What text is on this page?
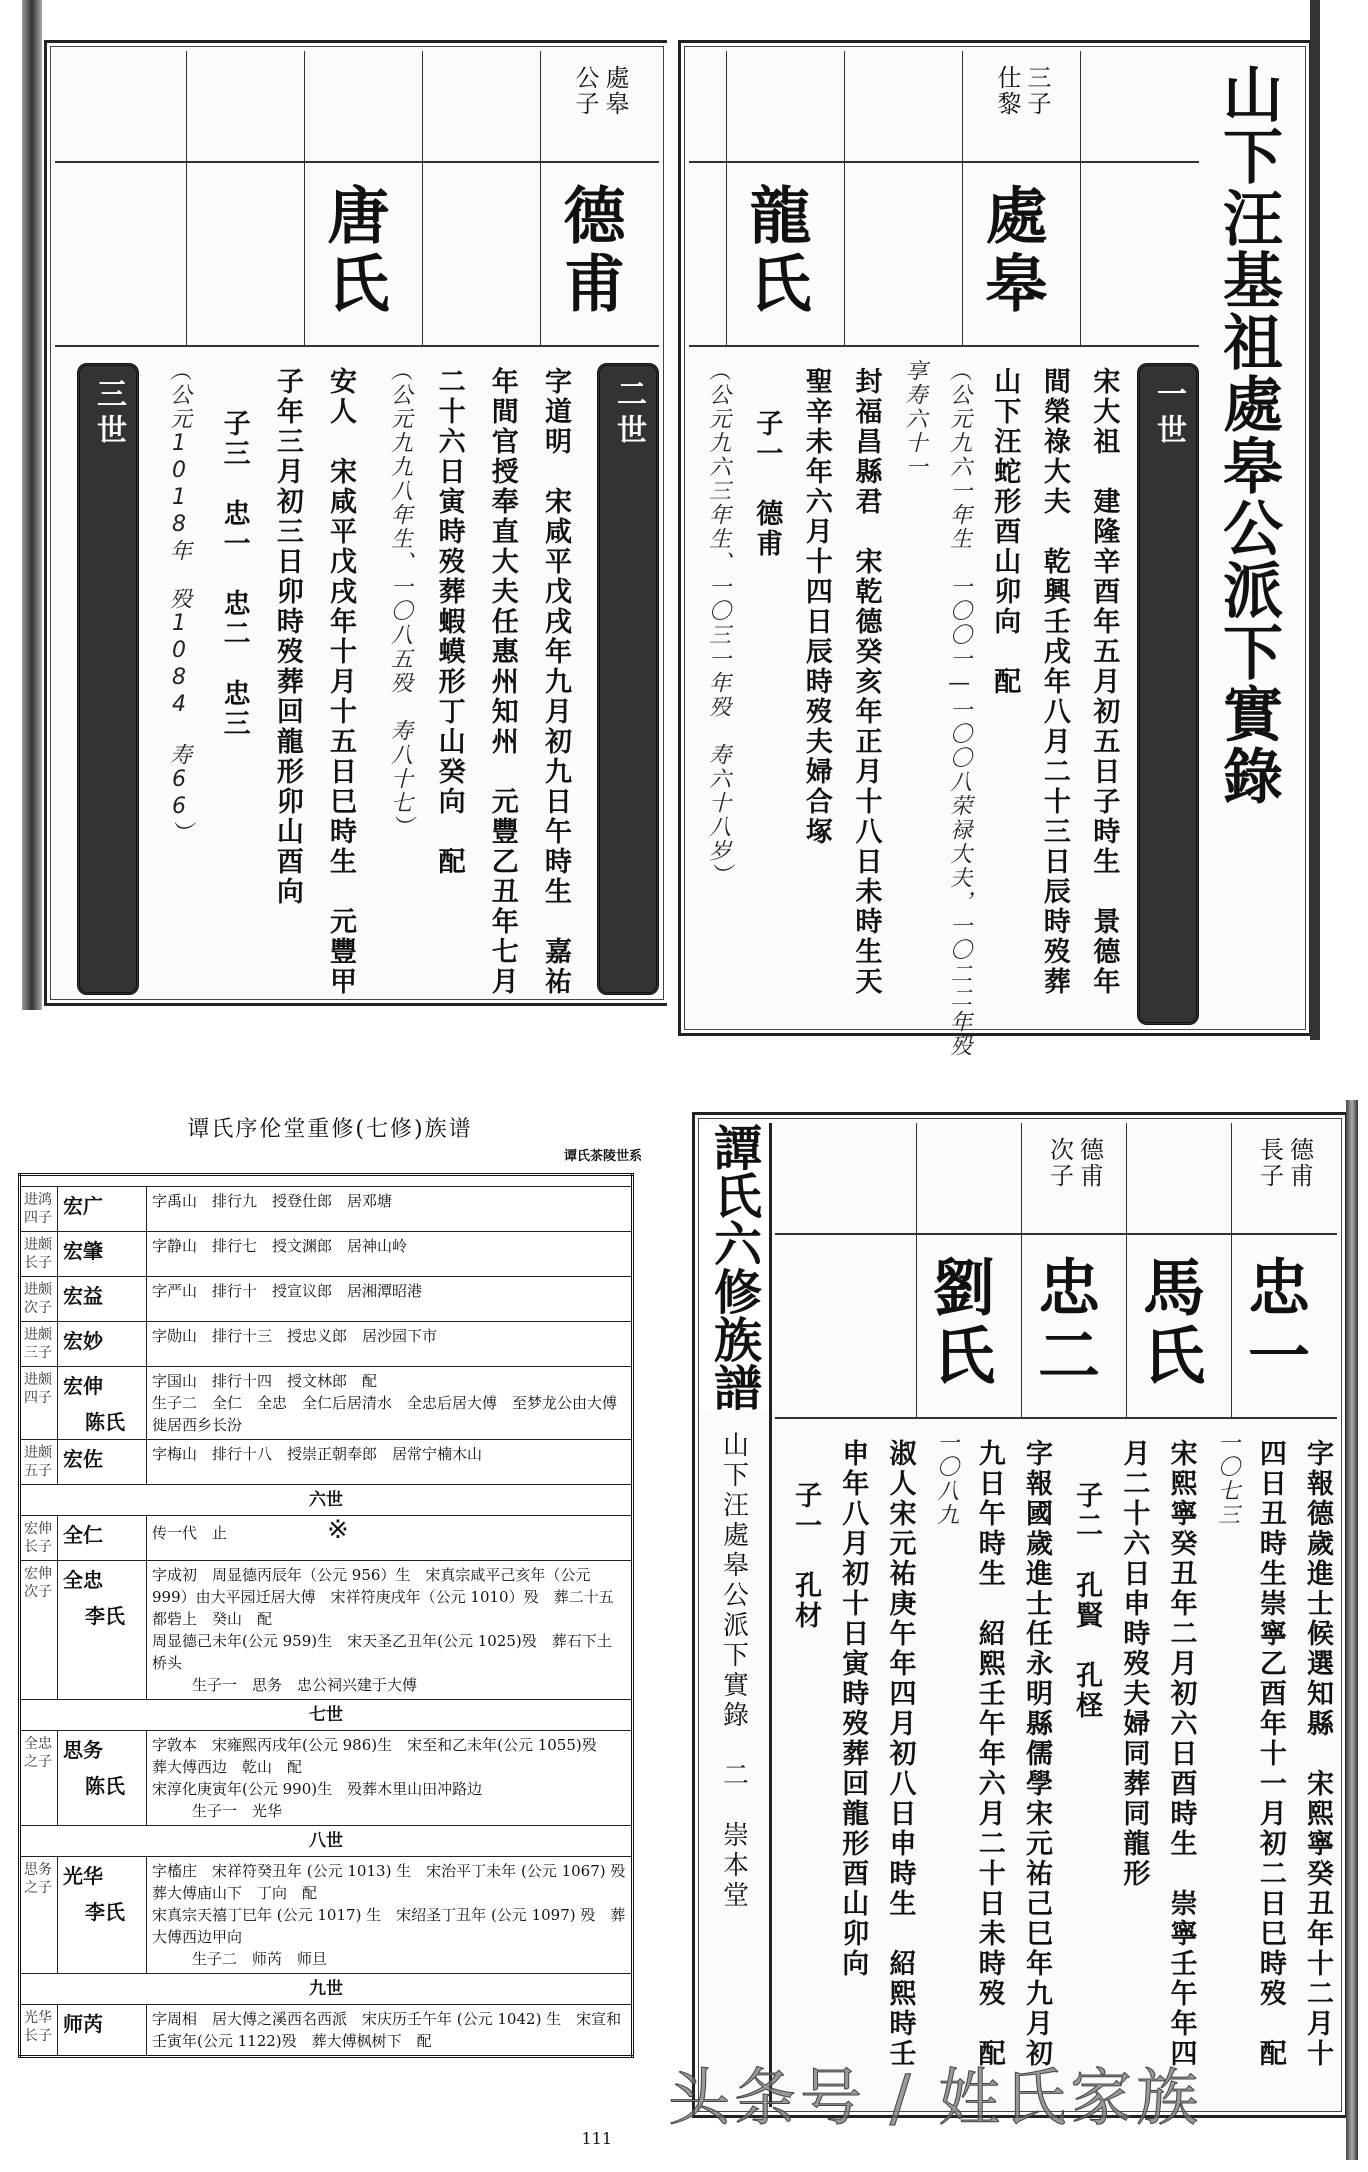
處皋　公子
德甫
唐氏
二世
字道明　宋咸平戊戌年九月初九日午時生　嘉祐
年間官授奉直大夫任惠州知州　元豐乙丑年七月
二十六日寅時歿葬蝦蟆形丁山癸向　配
（公元九九八年生、一〇八五殁　寿八十七）
安人　宋咸平戊戌年十月十五日巳時生　元豐甲
子年三月初三日卯時歿葬回龍形卯山酉向
子三　忠一　忠二　忠三
（公元1018年　殁1084　寿66）
三世	山下汪基祖處皋公派下實錄
三子　仕黎
處皋
龍氏
一世
宋大祖　建隆辛酉年五月初五日子時生　景德年
間榮祿大夫　乾興壬戌年八月二十三日辰時歿葬
山下汪蛇形酉山卯向　配
（公元九六一年生　一〇〇一—一〇〇八荣禄大夫，一〇二二年殁
享寿六十一
封福昌縣君　宋乾德癸亥年正月十八日未時生天
聖辛未年六月十四日辰時歿夫婦合塚
子一　德甫
（公元九六三年生、一〇三一年殁　寿六十八岁）
谭氏序伦堂重修(七修)族谱
谭氏茶陵世系

进鸿四子	宏广	字禹山　排行九　授登仕郎　居邓塘

进颇长子	宏肇	字静山　排行七　授文渊郎　居神山岭

进颇次子	宏益	字严山　排行十　授宣议郎　居湘潭昭港

进颇三子	宏妙	字勋山　排行十三　授忠义郎　居沙园下市

进颇四子	宏伸
陈氏	字国山　排行十四　授文林郎　配
生子二　全仁　全忠　全仁后居清水　全忠后居大傅　至梦龙公由大傅徙居西乡长汾

进颇五子	宏佐	字梅山　排行十八　授崇正朝奉郎　居常宁楠木山

六世		
宏伸长子	全仁	传一代　止 ※

宏伸次子	全忠
李氏	字成初　周显德丙辰年（公元 956）生　宋真宗咸平己亥年（公元 999）由大平园迁居大傅　宋祥符庚戌年（公元 1010）殁　葬二十五都砦上　癸山　配
周显德己未年(公元 959)生　宋天圣乙丑年(公元 1025)殁　葬石下土桥头
生子一　思务　忠公祠兴建于大傅

七世		
全忠之子	思务
陈氏	字敦本　宋雍熙丙戌年(公元 986)生　宋至和乙未年(公元 1055)殁　葬大傅西边　乾山　配
宋淳化庚寅年(公元 990)生　殁葬木里山田冲路边
生子一　光华

八世		
思务之子	光华
李氏	字槒庄　宋祥符癸丑年 (公元 1013) 生　宋治平丁未年 (公元 1067) 殁　葬大傅庙山下　丁向　配
宋真宗天禧丁巳年 (公元 1017) 生　宋绍圣丁丑年 (公元 1097) 殁　葬大傅西边甲向
生子二　师芮　师旦

九世		
光华长子	师芮	字周相　居大傅之溪西名西派　宋庆历壬午年 (公元 1042) 生　宋宣和壬寅年(公元 1122)殁　葬大傅枫树下　配
111
譚氏六修族譜
山下汪處皋公派下實錄　二　崇本堂
德甫　長子
德甫　次子
忠一
馬氏
忠二
劉氏
字報德歲進士候選知縣　宋熙寧癸丑年十二月十
四日丑時生崇寧乙酉年十一月初二日巳時歿　配
一〇七三
宋熙寧癸丑年二月初六日酉時生　崇寧壬午年四
月二十六日申時歿夫婦同葬同龍形
子二　孔賢　孔柽
字報國歲進士任永明縣儒學宋元祐己巳年九月初
九日午時生　紹熙壬午年六月二十日未時歿　配
一〇八九
淑人宋元祐庚午年四月初八日申時生　紹熙時壬
申年八月初十日寅時歿葬回龍形酉山卯向
子一　孔材
头条号 / 姓氏家族
